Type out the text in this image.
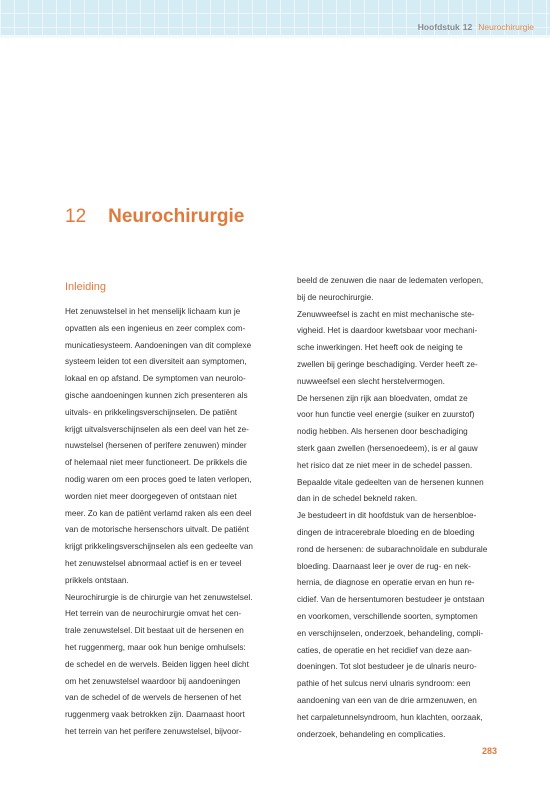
Hoofdstuk 12 Neurochirurgie
12 Neurochirurgie
Inleiding
Het zenuwstelsel in het menselijk lichaam kun je
opvatten als een ingenieus en zeer complex com-
municatiesysteem. Aandoeningen van dit complexe
systeem leiden tot een diversiteit aan symptomen,
lokaal en op afstand. De symptomen van neurolo-
gische aandoeningen kunnen zich presenteren als
uitvals- en prikkelingsverschijnselen. De patiënt
krijgt uitvalsverschijnselen als een deel van het ze-
nuwstelsel (hersenen of perifere zenuwen) minder
of helemaal niet meer functioneert. De prikkels die
nodig waren om een proces goed te laten verlopen,
worden niet meer doorgegeven of ontstaan niet
meer. Zo kan de patiënt verlamd raken als een deel
van de motorische hersenschors uitvalt. De patiënt
krijgt prikkelingsverschijnselen als een gedeelte van
het zenuwstelsel abnormaal actief is en er teveel
prikkels ontstaan.
Neurochirurgie is de chirurgie van het zenuwstelsel.
Het terrein van de neurochirurgie omvat het cen-
trale zenuwstelsel. Dit bestaat uit de hersenen en
het ruggenmerg, maar ook hun benige omhulsels:
de schedel en de wervels. Beiden liggen heel dicht
om het zenuwstelsel waardoor bij aandoeningen
van de schedel of de wervels de hersenen of het
ruggenmerg vaak betrokken zijn. Daarnaast hoort
het terrein van het perifere zenuwstelsel, bijvoor-
beeld de zenuwen die naar de ledematen verlopen,
bij de neurochirurgie.
Zenuwweefsel is zacht en mist mechanische ste-
vigheid. Het is daardoor kwetsbaar voor mechani-
sche inwerkingen. Het heeft ook de neiging te
zwellen bij geringe beschadiging. Verder heeft ze-
nuwweefsel een slecht herstelvermogen.
De hersenen zijn rijk aan bloedvaten, omdat ze
voor hun functie veel energie (suiker en zuurstof)
nodig hebben. Als hersenen door beschadiging
sterk gaan zwellen (hersenoedeem), is er al gauw
het risico dat ze niet meer in de schedel passen.
Bepaalde vitale gedeelten van de hersenen kunnen
dan in de schedel bekneld raken.
Je bestudeert in dit hoofdstuk van de hersenbloe-
dingen de intracerebrale bloeding en de bloeding
rond de hersenen: de subarachnoïdale en subdurale
bloeding. Daarnaast leer je over de rug- en nek-
hernia, de diagnose en operatie ervan en hun re-
cidief. Van de hersentumoren bestudeer je ontstaan
en voorkomen, verschillende soorten, symptomen
en verschijnselen, onderzoek, behandeling, compli-
caties, de operatie en het recidief van deze aan-
doeningen. Tot slot bestudeer je de ulnaris neuro-
pathie of het sulcus nervi ulnaris syndroom: een
aandoening van een van de drie armzenuwen, en
het carpaletunnelsyndroom, hun klachten, oorzaak,
onderzoek, behandeling en complicaties.
283
